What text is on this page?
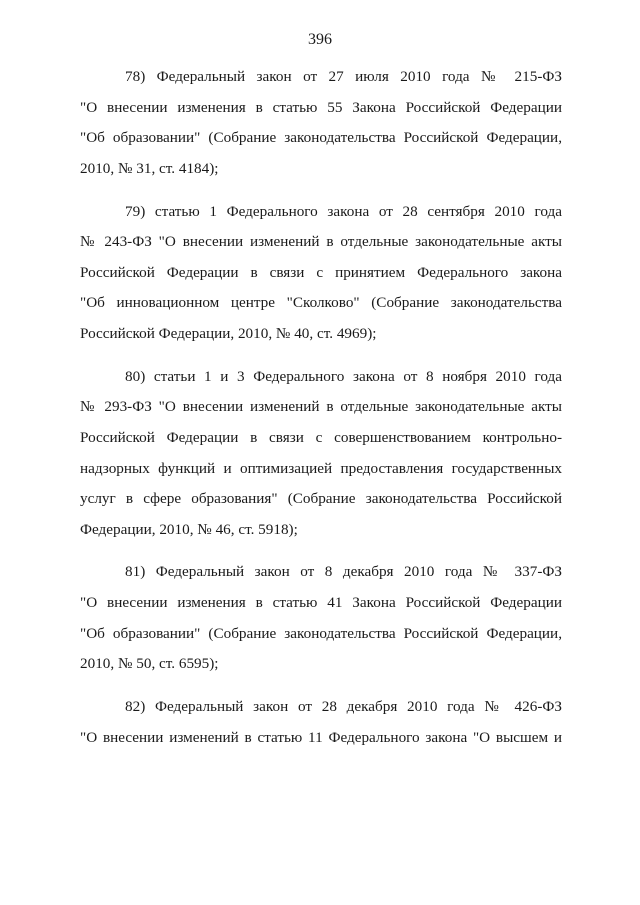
396

78) Федеральный закон от 27 июля 2010 года № 215-ФЗ
"О внесении изменения в статью 55 Закона Российской Федерации
"Об образовании" (Собрание законодательства Российской Федерации,
2010, № 31, ст. 4184);

79) статью 1 Федерального закона от 28 сентября 2010 года
№ 243-ФЗ "О внесении изменений в отдельные законодательные акты
Российской Федерации в связи с принятием Федерального закона
"Об инновационном центре "Сколково" (Собрание законодательства
Российской Федерации, 2010, № 40, ст. 4969);

80) статьи 1 и 3 Федерального закона от 8 ноября 2010 года
№ 293-ФЗ "О внесении изменений в отдельные законодательные акты
Российской Федерации в связи с совершенствованием контрольно-
надзорных функций и оптимизацией предоставления государственных
услуг в сфере образования" (Собрание законодательства Российской
Федерации, 2010, № 46, ст. 5918);

81) Федеральный закон от 8 декабря 2010 года № 337-ФЗ
"О внесении изменения в статью 41 Закона Российской Федерации
"Об образовании" (Собрание законодательства Российской Федерации,
2010, № 50, ст. 6595);

82) Федеральный закон от 28 декабря 2010 года № 426-ФЗ
"О внесении изменений в статью 11 Федерального закона "О высшем и
